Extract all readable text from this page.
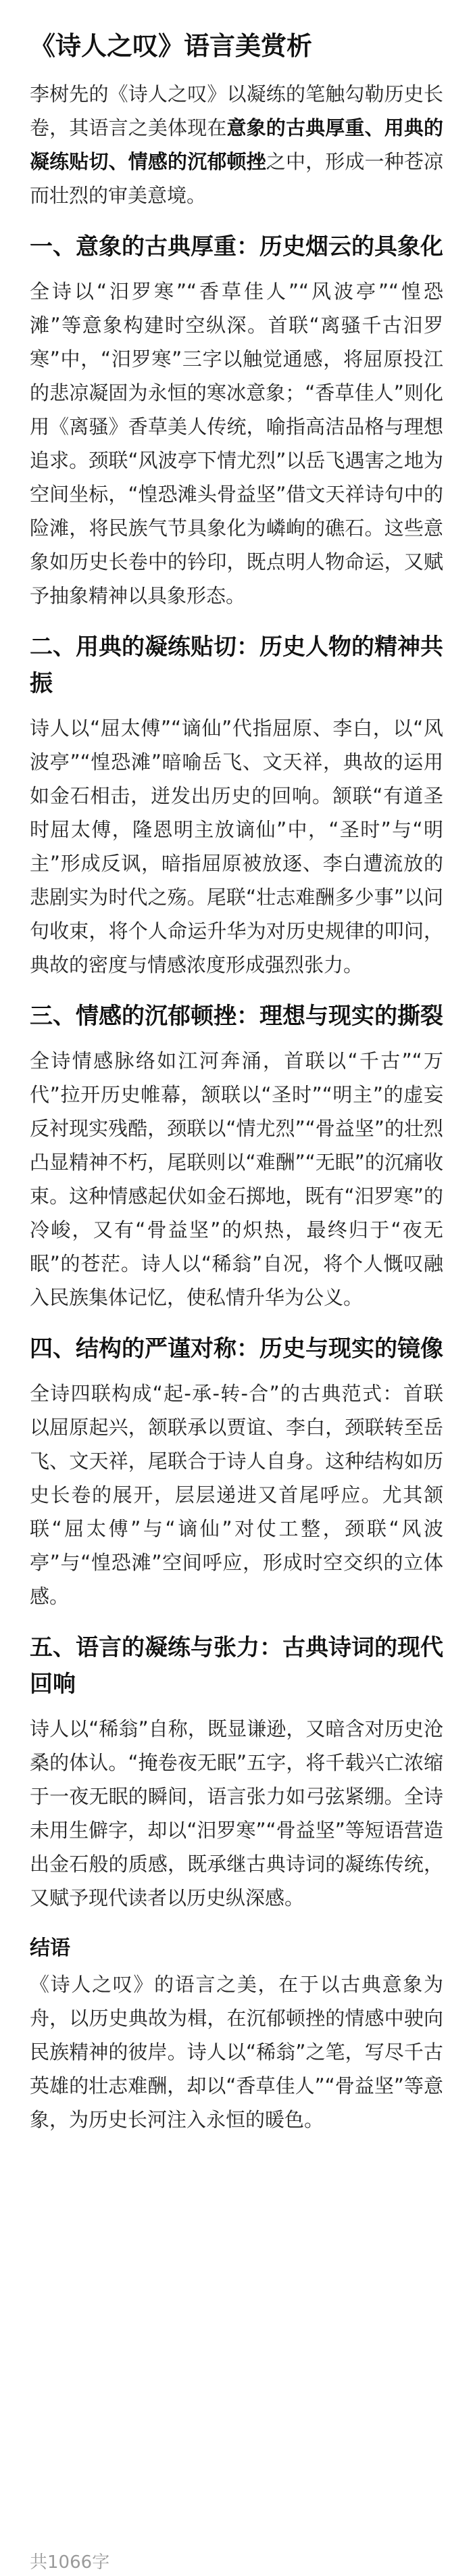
《诗人之叹》语言美赏析

李树先的《诗人之叹》以凝练的笔触勾勒历史长卷，其语言之美体现在意象的古典厚重、用典的凝练贴切、情感的沉郁顿挫之中，形成一种苍凉而壮烈的审美意境。

一、意象的古典厚重：历史烟云的具象化

全诗以“汨罗寒”“香草佳人”“风波亭”“惶恐滩”等意象构建时空纵深。首联“离骚千古汨罗寒”中，“汨罗寒”三字以触觉通感，将屈原投江的悲凉凝固为永恒的寒冰意象；“香草佳人”则化用《离骚》香草美人传统，喻指高洁品格与理想追求。颈联“风波亭下情尤烈”以岳飞遇害之地为空间坐标，“惶恐滩头骨益坚”借文天祥诗句中的险滩，将民族气节具象化为嶙峋的礁石。这些意象如历史长卷中的钤印，既点明人物命运，又赋予抽象精神以具象形态。

二、用典的凝练贴切：历史人物的精神共振

诗人以“屈太傅”“谪仙”代指屈原、李白，以“风波亭”“惶恐滩”暗喻岳飞、文天祥，典故的运用如金石相击，迸发出历史的回响。颔联“有道圣时屈太傅，隆恩明主放谪仙”中，“圣时”与“明主”形成反讽，暗指屈原被放逐、李白遭流放的悲剧实为时代之殇。尾联“壮志难酬多少事”以问句收束，将个人命运升华为对历史规律的叩问，典故的密度与情感浓度形成强烈张力。

三、情感的沉郁顿挫：理想与现实的撕裂

全诗情感脉络如江河奔涌，首联以“千古”“万代”拉开历史帷幕，颔联以“圣时”“明主”的虚妄反衬现实残酷，颈联以“情尤烈”“骨益坚”的壮烈凸显精神不朽，尾联则以“难酬”“无眠”的沉痛收束。这种情感起伏如金石掷地，既有“汨罗寒”的冷峻，又有“骨益坚”的炽热，最终归于“夜无眠”的苍茫。诗人以“稀翁”自况，将个人慨叹融入民族集体记忆，使私情升华为公义。

四、结构的严谨对称：历史与现实的镜像

全诗四联构成“起-承-转-合”的古典范式：首联以屈原起兴，颔联承以贾谊、李白，颈联转至岳飞、文天祥，尾联合于诗人自身。这种结构如历史长卷的展开，层层递进又首尾呼应。尤其颔联“屈太傅”与“谪仙”对仗工整，颈联“风波亭”与“惶恐滩”空间呼应，形成时空交织的立体感。

五、语言的凝练与张力：古典诗词的现代回响

诗人以“稀翁”自称，既显谦逊，又暗含对历史沧桑的体认。“掩卷夜无眠”五字，将千载兴亡浓缩于一夜无眠的瞬间，语言张力如弓弦紧绷。全诗未用生僻字，却以“汨罗寒”“骨益坚”等短语营造出金石般的质感，既承继古典诗词的凝练传统，又赋予现代读者以历史纵深感。

结语

《诗人之叹》的语言之美，在于以古典意象为舟，以历史典故为楫，在沉郁顿挫的情感中驶向民族精神的彼岸。诗人以“稀翁”之笔，写尽千古英雄的壮志难酬，却以“香草佳人”“骨益坚”等意象，为历史长河注入永恒的暖色。

共1066字
